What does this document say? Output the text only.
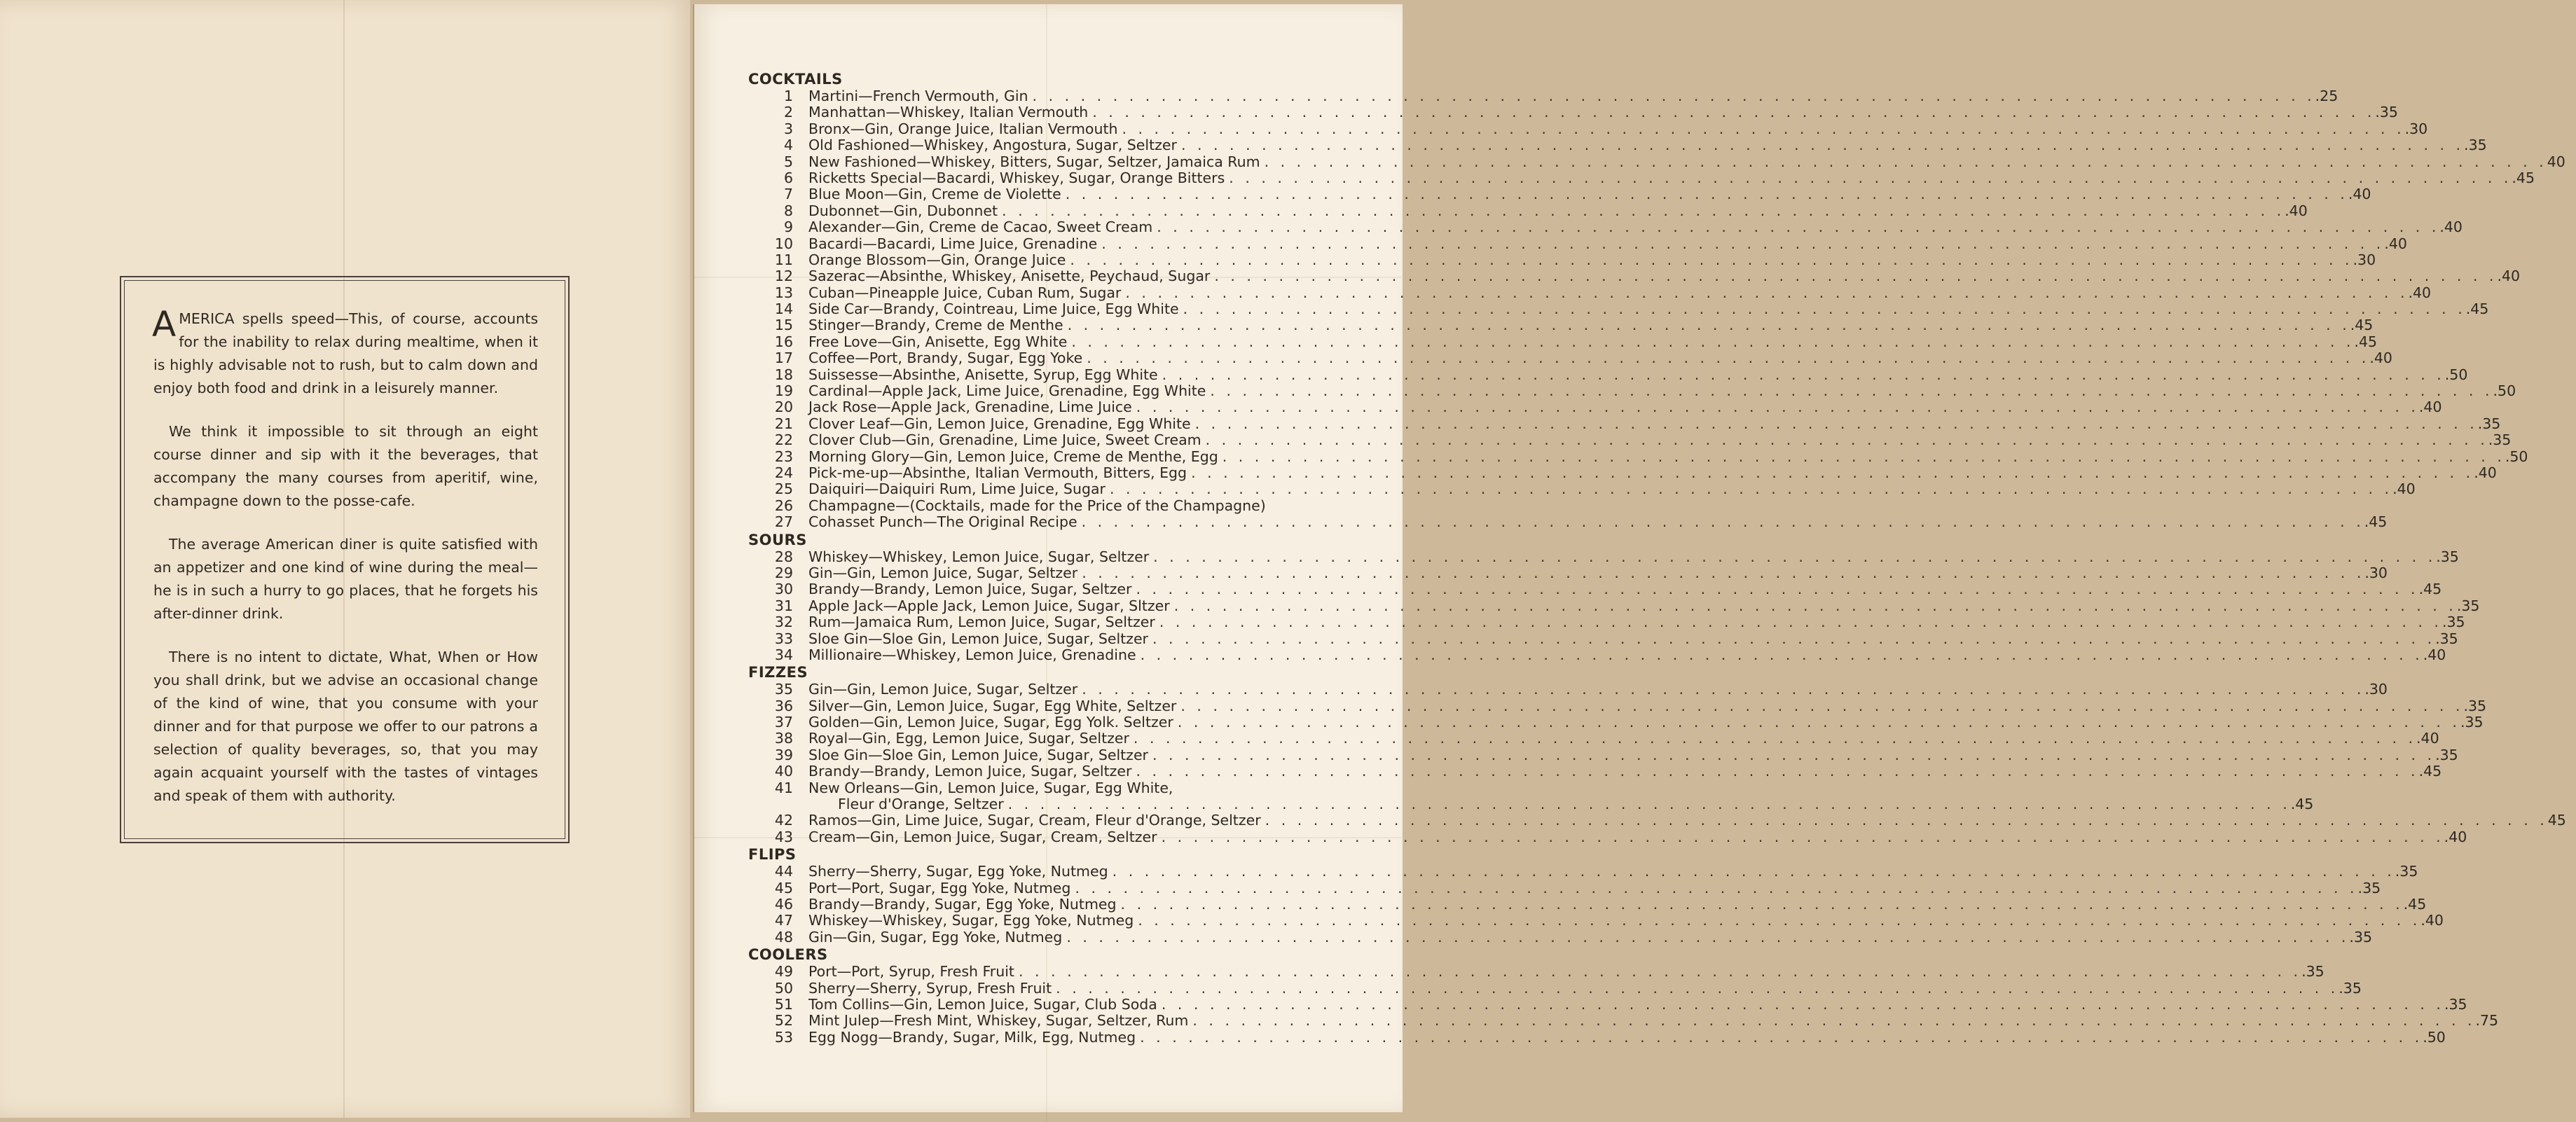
AMERICA spells speed—This, of course, accounts for the inability to relax during mealtime, when it is highly advisable not to rush, but to calm down and enjoy both food and drink in a leisurely manner.

We think it impossible to sit through an eight course dinner and sip with it the beverages, that accompany the many courses from aperitif, wine, champagne down to the posse-cafe.

The average American diner is quite satisfied with an appetizer and one kind of wine during the meal—he is in such a hurry to go places, that he forgets his after-dinner drink.

There is no intent to dictate, What, When or How you shall drink, but we advise an occasional change of the kind of wine, that you consume with your dinner and for that purpose we offer to our patrons a selection of quality beverages, so, that you may again acquaint yourself with the tastes of vintages and speak of them with authority.

COCKTAILS
1	Martini—French Vermouth, Gin . . . . . . . . . . . . . . . . . . . . . . . . . . . . . . . . . . . . . . . . . . . . . . . . . . . . . . . . . . . . . . . . . . . . . . . . . . . . . . . . .25
2	Manhattan—Whiskey, Italian Vermouth . . . . . . . . . . . . . . . . . . . . . . . . . . . . . . . . . . . . . . . . . . . . . . . . . . . . . . . . . . . . . . . . . . . . . . . . . . . . . . . . .35
3	Bronx—Gin, Orange Juice, Italian Vermouth . . . . . . . . . . . . . . . . . . . . . . . . . . . . . . . . . . . . . . . . . . . . . . . . . . . . . . . . . . . . . . . . . . . . . . . . . . . . . . . . .30
4	Old Fashioned—Whiskey, Angostura, Sugar, Seltzer . . . . . . . . . . . . . . . . . . . . . . . . . . . . . . . . . . . . . . . . . . . . . . . . . . . . . . . . . . . . . . . . . . . . . . . . . . . . . . . . .35
5	New Fashioned—Whiskey, Bitters, Sugar, Seltzer, Jamaica Rum . . . . . . . . . . . . . . . . . . . . . . . . . . . . . . . . . . . . . . . . . . . . . . . . . . . . . . . . . . . . . . . . . . . . . . . . . . . . . . . . 40
6	Ricketts Special—Bacardi, Whiskey, Sugar, Orange Bitters . . . . . . . . . . . . . . . . . . . . . . . . . . . . . . . . . . . . . . . . . . . . . . . . . . . . . . . . . . . . . . . . . . . . . . . . . . . . . . . . .45
7	Blue Moon—Gin, Creme de Violette . . . . . . . . . . . . . . . . . . . . . . . . . . . . . . . . . . . . . . . . . . . . . . . . . . . . . . . . . . . . . . . . . . . . . . . . . . . . . . . . .40
8	Dubonnet—Gin, Dubonnet . . . . . . . . . . . . . . . . . . . . . . . . . . . . . . . . . . . . . . . . . . . . . . . . . . . . . . . . . . . . . . . . . . . . . . . . . . . . . . . . .40
9	Alexander—Gin, Creme de Cacao, Sweet Cream . . . . . . . . . . . . . . . . . . . . . . . . . . . . . . . . . . . . . . . . . . . . . . . . . . . . . . . . . . . . . . . . . . . . . . . . . . . . . . . . .40
10	Bacardi—Bacardi, Lime Juice, Grenadine . . . . . . . . . . . . . . . . . . . . . . . . . . . . . . . . . . . . . . . . . . . . . . . . . . . . . . . . . . . . . . . . . . . . . . . . . . . . . . . . .40
11	Orange Blossom—Gin, Orange Juice . . . . . . . . . . . . . . . . . . . . . . . . . . . . . . . . . . . . . . . . . . . . . . . . . . . . . . . . . . . . . . . . . . . . . . . . . . . . . . . . .30
12	Sazerac—Absinthe, Whiskey, Anisette, Peychaud, Sugar . . . . . . . . . . . . . . . . . . . . . . . . . . . . . . . . . . . . . . . . . . . . . . . . . . . . . . . . . . . . . . . . . . . . . . . . . . . . . . . . .40
13	Cuban—Pineapple Juice, Cuban Rum, Sugar . . . . . . . . . . . . . . . . . . . . . . . . . . . . . . . . . . . . . . . . . . . . . . . . . . . . . . . . . . . . . . . . . . . . . . . . . . . . . . . . .40
14	Side Car—Brandy, Cointreau, Lime Juice, Egg White . . . . . . . . . . . . . . . . . . . . . . . . . . . . . . . . . . . . . . . . . . . . . . . . . . . . . . . . . . . . . . . . . . . . . . . . . . . . . . . . .45
15	Stinger—Brandy, Creme de Menthe . . . . . . . . . . . . . . . . . . . . . . . . . . . . . . . . . . . . . . . . . . . . . . . . . . . . . . . . . . . . . . . . . . . . . . . . . . . . . . . . .45
16	Free Love—Gin, Anisette, Egg White . . . . . . . . . . . . . . . . . . . . . . . . . . . . . . . . . . . . . . . . . . . . . . . . . . . . . . . . . . . . . . . . . . . . . . . . . . . . . . . . .45
17	Coffee—Port, Brandy, Sugar, Egg Yoke . . . . . . . . . . . . . . . . . . . . . . . . . . . . . . . . . . . . . . . . . . . . . . . . . . . . . . . . . . . . . . . . . . . . . . . . . . . . . . . . .40
18	Suissesse—Absinthe, Anisette, Syrup, Egg White . . . . . . . . . . . . . . . . . . . . . . . . . . . . . . . . . . . . . . . . . . . . . . . . . . . . . . . . . . . . . . . . . . . . . . . . . . . . . . . . .50
19	Cardinal—Apple Jack, Lime Juice, Grenadine, Egg White . . . . . . . . . . . . . . . . . . . . . . . . . . . . . . . . . . . . . . . . . . . . . . . . . . . . . . . . . . . . . . . . . . . . . . . . . . . . . . . . .50
20	Jack Rose—Apple Jack, Grenadine, Lime Juice . . . . . . . . . . . . . . . . . . . . . . . . . . . . . . . . . . . . . . . . . . . . . . . . . . . . . . . . . . . . . . . . . . . . . . . . . . . . . . . . .40
21	Clover Leaf—Gin, Lemon Juice, Grenadine, Egg White . . . . . . . . . . . . . . . . . . . . . . . . . . . . . . . . . . . . . . . . . . . . . . . . . . . . . . . . . . . . . . . . . . . . . . . . . . . . . . . . .35
22	Clover Club—Gin, Grenadine, Lime Juice, Sweet Cream . . . . . . . . . . . . . . . . . . . . . . . . . . . . . . . . . . . . . . . . . . . . . . . . . . . . . . . . . . . . . . . . . . . . . . . . . . . . . . . . .35
23	Morning Glory—Gin, Lemon Juice, Creme de Menthe, Egg . . . . . . . . . . . . . . . . . . . . . . . . . . . . . . . . . . . . . . . . . . . . . . . . . . . . . . . . . . . . . . . . . . . . . . . . . . . . . . . . .50
24	Pick-me-up—Absinthe, Italian Vermouth, Bitters, Egg . . . . . . . . . . . . . . . . . . . . . . . . . . . . . . . . . . . . . . . . . . . . . . . . . . . . . . . . . . . . . . . . . . . . . . . . . . . . . . . . .40
25	Daiquiri—Daiquiri Rum, Lime Juice, Sugar . . . . . . . . . . . . . . . . . . . . . . . . . . . . . . . . . . . . . . . . . . . . . . . . . . . . . . . . . . . . . . . . . . . . . . . . . . . . . . . . .40
26	Champagne—(Cocktails, made for the Price of the Champagne)
27	Cohasset Punch—The Original Recipe . . . . . . . . . . . . . . . . . . . . . . . . . . . . . . . . . . . . . . . . . . . . . . . . . . . . . . . . . . . . . . . . . . . . . . . . . . . . . . . . .45
SOURS
28	Whiskey—Whiskey, Lemon Juice, Sugar, Seltzer . . . . . . . . . . . . . . . . . . . . . . . . . . . . . . . . . . . . . . . . . . . . . . . . . . . . . . . . . . . . . . . . . . . . . . . . . . . . . . . . .35
29	Gin—Gin, Lemon Juice, Sugar, Seltzer . . . . . . . . . . . . . . . . . . . . . . . . . . . . . . . . . . . . . . . . . . . . . . . . . . . . . . . . . . . . . . . . . . . . . . . . . . . . . . . . .30
30	Brandy—Brandy, Lemon Juice, Sugar, Seltzer . . . . . . . . . . . . . . . . . . . . . . . . . . . . . . . . . . . . . . . . . . . . . . . . . . . . . . . . . . . . . . . . . . . . . . . . . . . . . . . . .45
31	Apple Jack—Apple Jack, Lemon Juice, Sugar, Sltzer . . . . . . . . . . . . . . . . . . . . . . . . . . . . . . . . . . . . . . . . . . . . . . . . . . . . . . . . . . . . . . . . . . . . . . . . . . . . . . . . .35
32	Rum—Jamaica Rum, Lemon Juice, Sugar, Seltzer . . . . . . . . . . . . . . . . . . . . . . . . . . . . . . . . . . . . . . . . . . . . . . . . . . . . . . . . . . . . . . . . . . . . . . . . . . . . . . . . .35
33	Sloe Gin—Sloe Gin, Lemon Juice, Sugar, Seltzer . . . . . . . . . . . . . . . . . . . . . . . . . . . . . . . . . . . . . . . . . . . . . . . . . . . . . . . . . . . . . . . . . . . . . . . . . . . . . . . . .35
34	Millionaire—Whiskey, Lemon Juice, Grenadine . . . . . . . . . . . . . . . . . . . . . . . . . . . . . . . . . . . . . . . . . . . . . . . . . . . . . . . . . . . . . . . . . . . . . . . . . . . . . . . . .40
FIZZES
35	Gin—Gin, Lemon Juice, Sugar, Seltzer . . . . . . . . . . . . . . . . . . . . . . . . . . . . . . . . . . . . . . . . . . . . . . . . . . . . . . . . . . . . . . . . . . . . . . . . . . . . . . . . .30
36	Silver—Gin, Lemon Juice, Sugar, Egg White, Seltzer . . . . . . . . . . . . . . . . . . . . . . . . . . . . . . . . . . . . . . . . . . . . . . . . . . . . . . . . . . . . . . . . . . . . . . . . . . . . . . . . .35
37	Golden—Gin, Lemon Juice, Sugar, Egg Yolk. Seltzer . . . . . . . . . . . . . . . . . . . . . . . . . . . . . . . . . . . . . . . . . . . . . . . . . . . . . . . . . . . . . . . . . . . . . . . . . . . . . . . . .35
38	Royal—Gin, Egg, Lemon Juice, Sugar, Seltzer . . . . . . . . . . . . . . . . . . . . . . . . . . . . . . . . . . . . . . . . . . . . . . . . . . . . . . . . . . . . . . . . . . . . . . . . . . . . . . . . .40
39	Sloe Gin—Sloe Gin, Lemon Juice, Sugar, Seltzer . . . . . . . . . . . . . . . . . . . . . . . . . . . . . . . . . . . . . . . . . . . . . . . . . . . . . . . . . . . . . . . . . . . . . . . . . . . . . . . . .35
40	Brandy—Brandy, Lemon Juice, Sugar, Seltzer . . . . . . . . . . . . . . . . . . . . . . . . . . . . . . . . . . . . . . . . . . . . . . . . . . . . . . . . . . . . . . . . . . . . . . . . . . . . . . . . .45
41	New Orleans—Gin, Lemon Juice, Sugar, Egg White,
Fleur d'Orange, Seltzer . . . . . . . . . . . . . . . . . . . . . . . . . . . . . . . . . . . . . . . . . . . . . . . . . . . . . . . . . . . . . . . . . . . . . . . . . . . . . . . . .45
42	Ramos—Gin, Lime Juice, Sugar, Cream, Fleur d'Orange, Seltzer . . . . . . . . . . . . . . . . . . . . . . . . . . . . . . . . . . . . . . . . . . . . . . . . . . . . . . . . . . . . . . . . . . . . . . . . . . . . . . . . 45
43	Cream—Gin, Lemon Juice, Sugar, Cream, Seltzer . . . . . . . . . . . . . . . . . . . . . . . . . . . . . . . . . . . . . . . . . . . . . . . . . . . . . . . . . . . . . . . . . . . . . . . . . . . . . . . . .40
FLIPS
44	Sherry—Sherry, Sugar, Egg Yoke, Nutmeg . . . . . . . . . . . . . . . . . . . . . . . . . . . . . . . . . . . . . . . . . . . . . . . . . . . . . . . . . . . . . . . . . . . . . . . . . . . . . . . . .35
45	Port—Port, Sugar, Egg Yoke, Nutmeg . . . . . . . . . . . . . . . . . . . . . . . . . . . . . . . . . . . . . . . . . . . . . . . . . . . . . . . . . . . . . . . . . . . . . . . . . . . . . . . . .35
46	Brandy—Brandy, Sugar, Egg Yoke, Nutmeg . . . . . . . . . . . . . . . . . . . . . . . . . . . . . . . . . . . . . . . . . . . . . . . . . . . . . . . . . . . . . . . . . . . . . . . . . . . . . . . . .45
47	Whiskey—Whiskey, Sugar, Egg Yoke, Nutmeg . . . . . . . . . . . . . . . . . . . . . . . . . . . . . . . . . . . . . . . . . . . . . . . . . . . . . . . . . . . . . . . . . . . . . . . . . . . . . . . . .40
48	Gin—Gin, Sugar, Egg Yoke, Nutmeg . . . . . . . . . . . . . . . . . . . . . . . . . . . . . . . . . . . . . . . . . . . . . . . . . . . . . . . . . . . . . . . . . . . . . . . . . . . . . . . . .35
COOLERS
49	Port—Port, Syrup, Fresh Fruit . . . . . . . . . . . . . . . . . . . . . . . . . . . . . . . . . . . . . . . . . . . . . . . . . . . . . . . . . . . . . . . . . . . . . . . . . . . . . . . . .35
50	Sherry—Sherry, Syrup, Fresh Fruit . . . . . . . . . . . . . . . . . . . . . . . . . . . . . . . . . . . . . . . . . . . . . . . . . . . . . . . . . . . . . . . . . . . . . . . . . . . . . . . . .35
51	Tom Collins—Gin, Lemon Juice, Sugar, Club Soda . . . . . . . . . . . . . . . . . . . . . . . . . . . . . . . . . . . . . . . . . . . . . . . . . . . . . . . . . . . . . . . . . . . . . . . . . . . . . . . . .35
52	Mint Julep—Fresh Mint, Whiskey, Sugar, Seltzer, Rum . . . . . . . . . . . . . . . . . . . . . . . . . . . . . . . . . . . . . . . . . . . . . . . . . . . . . . . . . . . . . . . . . . . . . . . . . . . . . . . . .75
53	Egg Nogg—Brandy, Sugar, Milk, Egg, Nutmeg . . . . . . . . . . . . . . . . . . . . . . . . . . . . . . . . . . . . . . . . . . . . . . . . . . . . . . . . . . . . . . . . . . . . . . . . . . . . . . . . .50
